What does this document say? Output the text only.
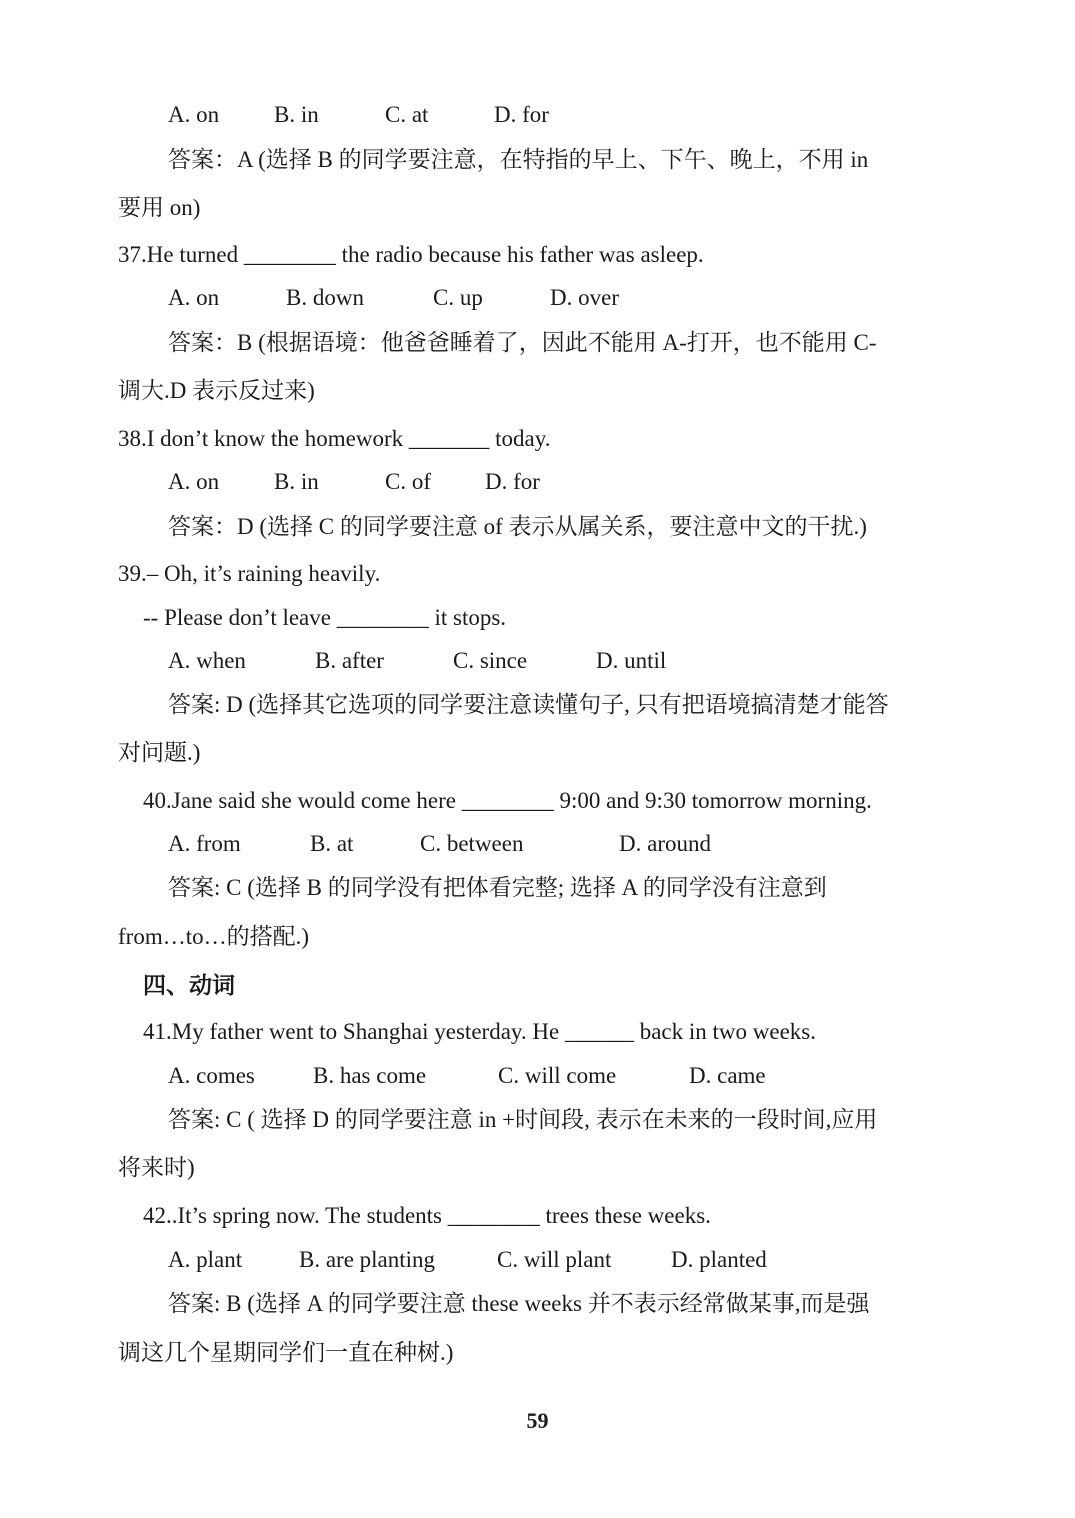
A. on B. in	C. at	D. for
答案：A (选择 B 的同学要注意，在特指的早上、下午、晚上，不用 in
要用 on)
37.He turned ________ the radio because his father was asleep.
A. on	B. down	C. up	D. over
答案：B (根据语境：他爸爸睡着了，因此不能用 A-打开，也不能用 C-
调大.D 表示反过来)
38.I don’t know the homework _______ today.
A. on B. in	C. of D. for
答案：D (选择 C 的同学要注意 of 表示从属关系，要注意中文的干扰.)
39.– Oh, it’s raining heavily.
-- Please don’t leave ________ it stops.
A. when	B. after	C. since	D. until
答案: D (选择其它选项的同学要注意读懂句子, 只有把语境搞清楚才能答
对问题.)
40.Jane said she would come here ________ 9:00 and 9:30 tomorrow morning.
A. from	B. at	C. between	D. around
答案: C (选择 B 的同学没有把体看完整; 选择 A 的同学没有注意到
from…to…的搭配.)
四、动词
41.My father went to Shanghai yesterday. He ______ back in two weeks.
A. comes	B. has come	C. will come	D. came
答案: C ( 选择 D 的同学要注意 in +时间段, 表示在未来的一段时间,应用
将来时)
42..It’s spring now. The students ________ trees these weeks.
A. plant B. are planting	C. will plant	D. planted
答案: B (选择 A 的同学要注意 these weeks 并不表示经常做某事,而是强
调这几个星期同学们一直在种树.)
59
